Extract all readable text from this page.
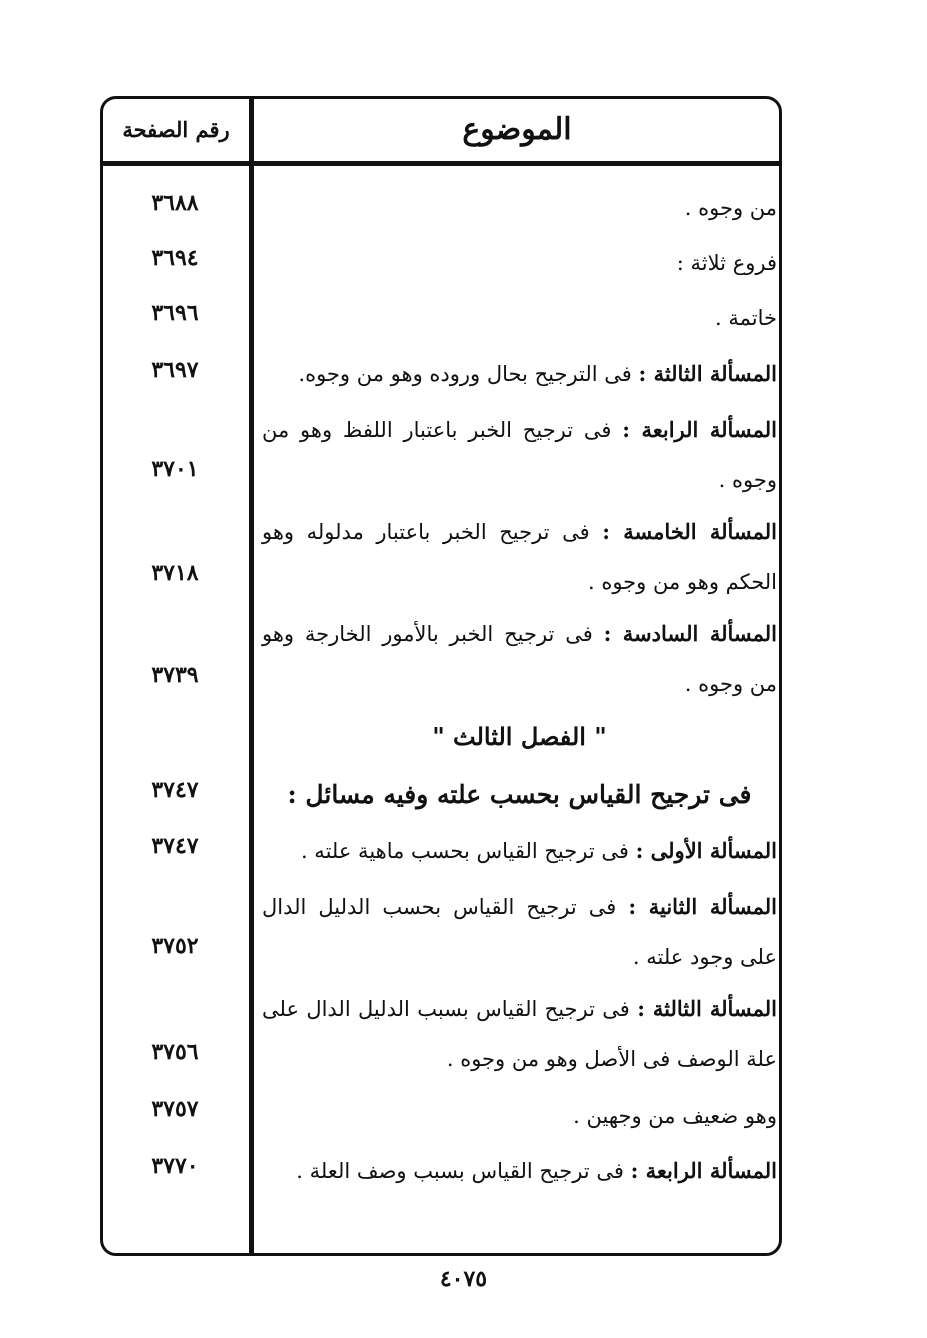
الموضوع
رقم الصفحة
من وجوه .
٣٦٨٨
فروع ثلاثة :
٣٦٩٤
خاتمة .
٣٦٩٦
المسألة الثالثة : فى الترجيح بحال وروده وهو من وجوه.
٣٦٩٧
المسألة الرابعة : فى ترجيح الخبر باعتبار اللفظ وهو من وجوه .
٣٧٠١
المسألة الخامسة : فى ترجيح الخبر باعتبار مدلوله وهو الحكم وهو من وجوه .
٣٧١٨
المسألة السادسة : فى ترجيح الخبر بالأمور الخارجة وهو من وجوه .
٣٧٣٩
" الفصل الثالث "
فى ترجيح القياس بحسب علته وفيه مسائل :
٣٧٤٧
المسألة الأولى : فى ترجيح القياس بحسب ماهية علته .
٣٧٤٧
المسألة الثانية : فى ترجيح القياس بحسب الدليل الدال على وجود علته .
٣٧٥٢
المسألة الثالثة : فى ترجيح القياس بسبب الدليل الدال على علة الوصف فى الأصل وهو من وجوه .
٣٧٥٦
وهو ضعيف من وجهين .
٣٧٥٧
المسألة الرابعة : فى ترجيح القياس بسبب وصف العلة .
٣٧٧٠
٤٠٧٥
